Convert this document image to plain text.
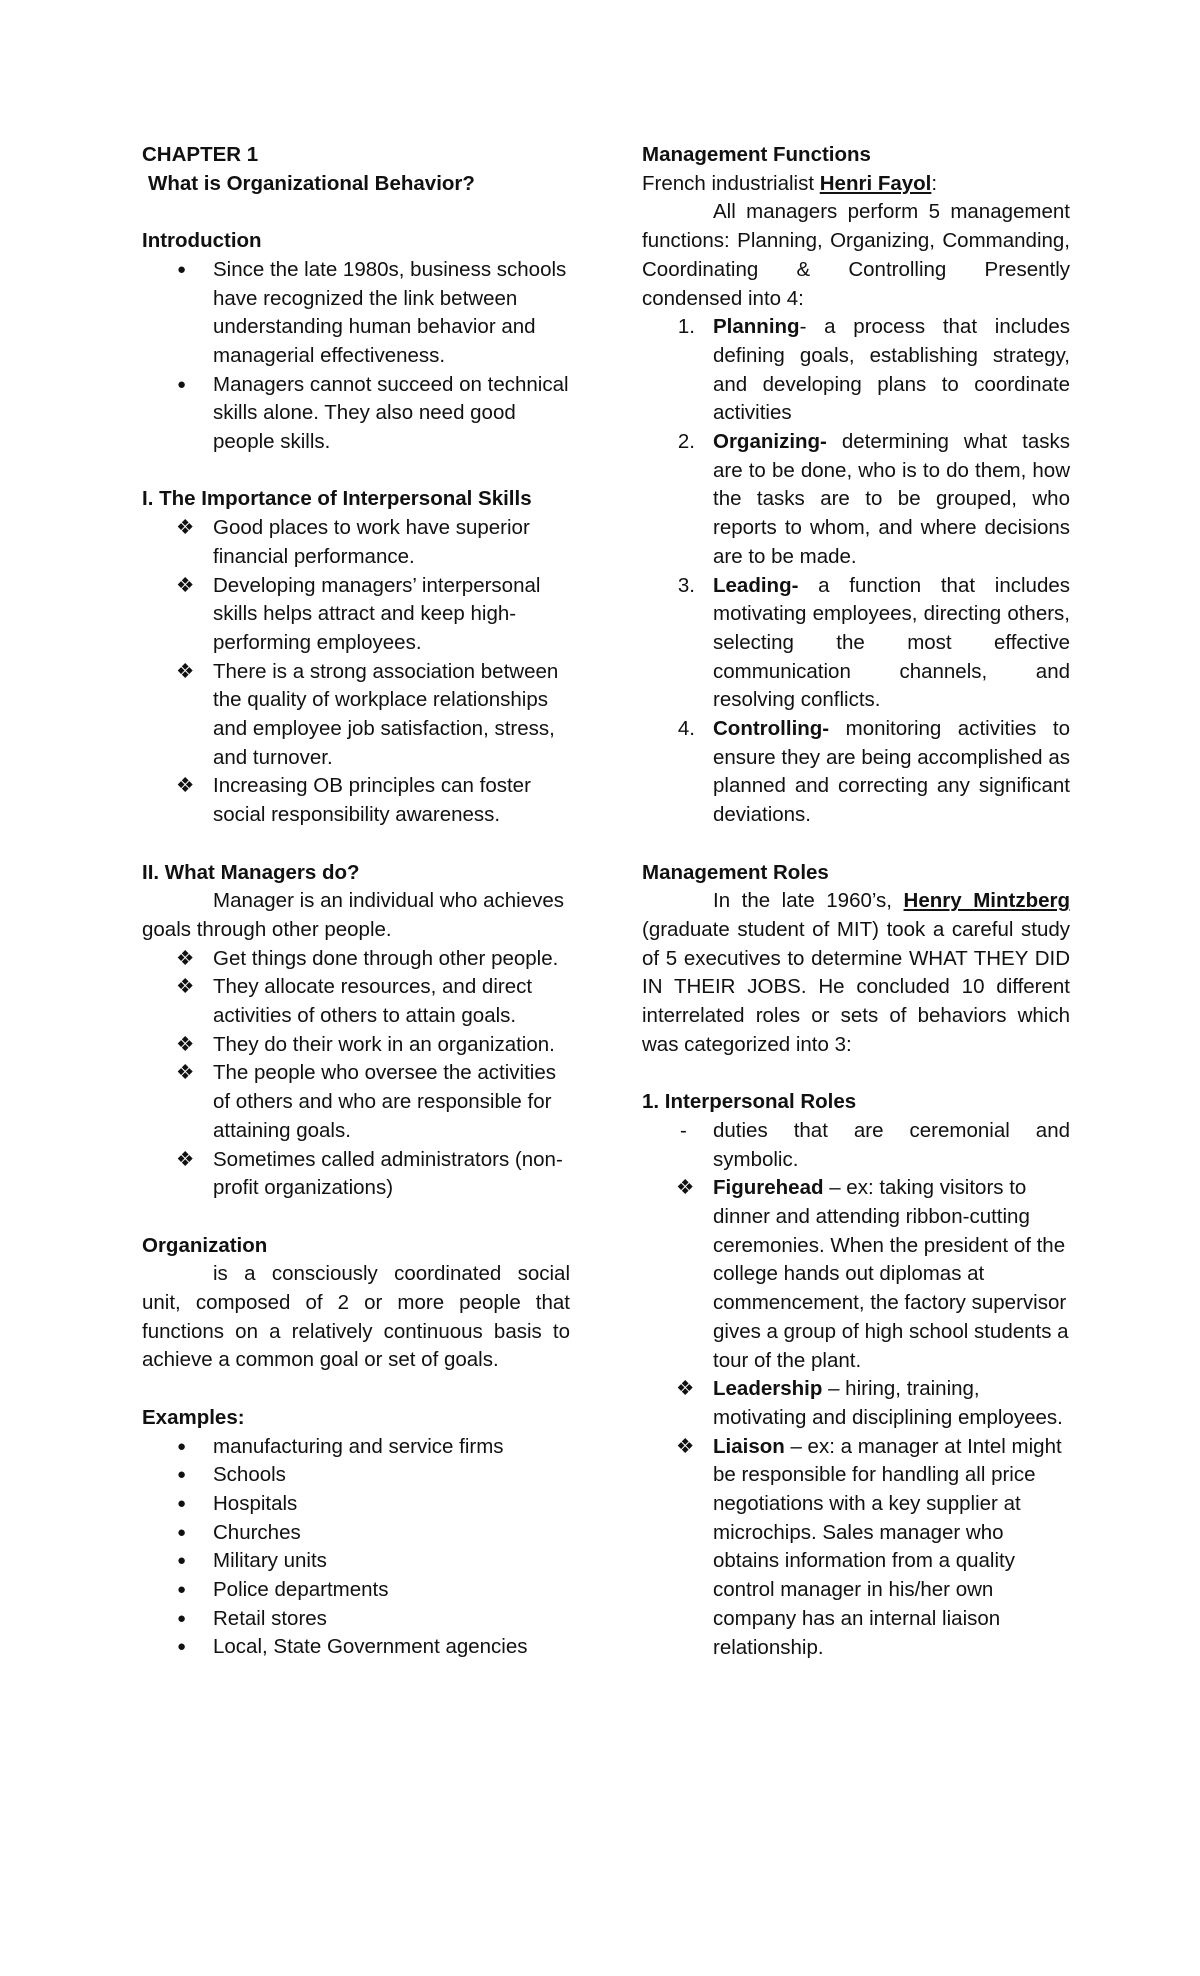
CHAPTER 1
What is Organizational Behavior?
Introduction
●	Since the late 1980s, business schools have recognized the link between understanding human behavior and managerial effectiveness.
●	Managers cannot succeed on technical skills alone. They also need good people skills.
I. The Importance of Interpersonal Skills
❖ Good places to work have superior financial performance.
❖ Developing managers’ interpersonal skills helps attract and keep high-performing employees.
❖ There is a strong association between the quality of workplace relationships and employee job satisfaction, stress, and turnover.
❖ Increasing OB principles can foster social responsibility awareness.
II. What Managers do?
Manager is an individual who achieves goals through other people.
❖ Get things done through other people.
❖ They allocate resources, and direct activities of others to attain goals.
❖ They do their work in an organization.
❖ The people who oversee the activities of others and who are responsible for attaining goals.
❖ Sometimes called administrators (non-profit organizations)
Organization
is a consciously coordinated social unit, composed of 2 or more people that functions on a relatively continuous basis to achieve a common goal or set of goals.
Examples:
●	manufacturing and service firms
●	Schools
●	Hospitals
●	Churches
●	Military units
●	Police departments
●	Retail stores
●	Local, State Government agencies
Management Functions
French industrialist Henri Fayol:
All managers perform 5 management functions: Planning, Organizing, Commanding, Coordinating & Controlling Presently condensed into 4:
1. Planning- a process that includes defining goals, establishing strategy, and developing plans to coordinate activities
2. Organizing- determining what tasks are to be done, who is to do them, how the tasks are to be grouped, who reports to whom, and where decisions are to be made.
3. Leading- a function that includes motivating employees, directing others, selecting the most effective communication channels, and resolving conflicts.
4. Controlling- monitoring activities to ensure they are being accomplished as planned and correcting any significant deviations.
Management Roles
In the late 1960’s, Henry Mintzberg (graduate student of MIT) took a careful study of 5 executives to determine WHAT THEY DID IN THEIR JOBS. He concluded 10 different interrelated roles or sets of behaviors which was categorized into 3:
1. Interpersonal Roles
-	duties that are ceremonial and symbolic.
❖ Figurehead – ex: taking visitors to dinner and attending ribbon-cutting ceremonies. When the president of the college hands out diplomas at commencement, the factory supervisor gives a group of high school students a tour of the plant.
❖ Leadership – hiring, training, motivating and disciplining employees.
❖ Liaison – ex: a manager at Intel might be responsible for handling all price negotiations with a key supplier at microchips. Sales manager who obtains information from a quality control manager in his/her own company has an internal liaison relationship.
